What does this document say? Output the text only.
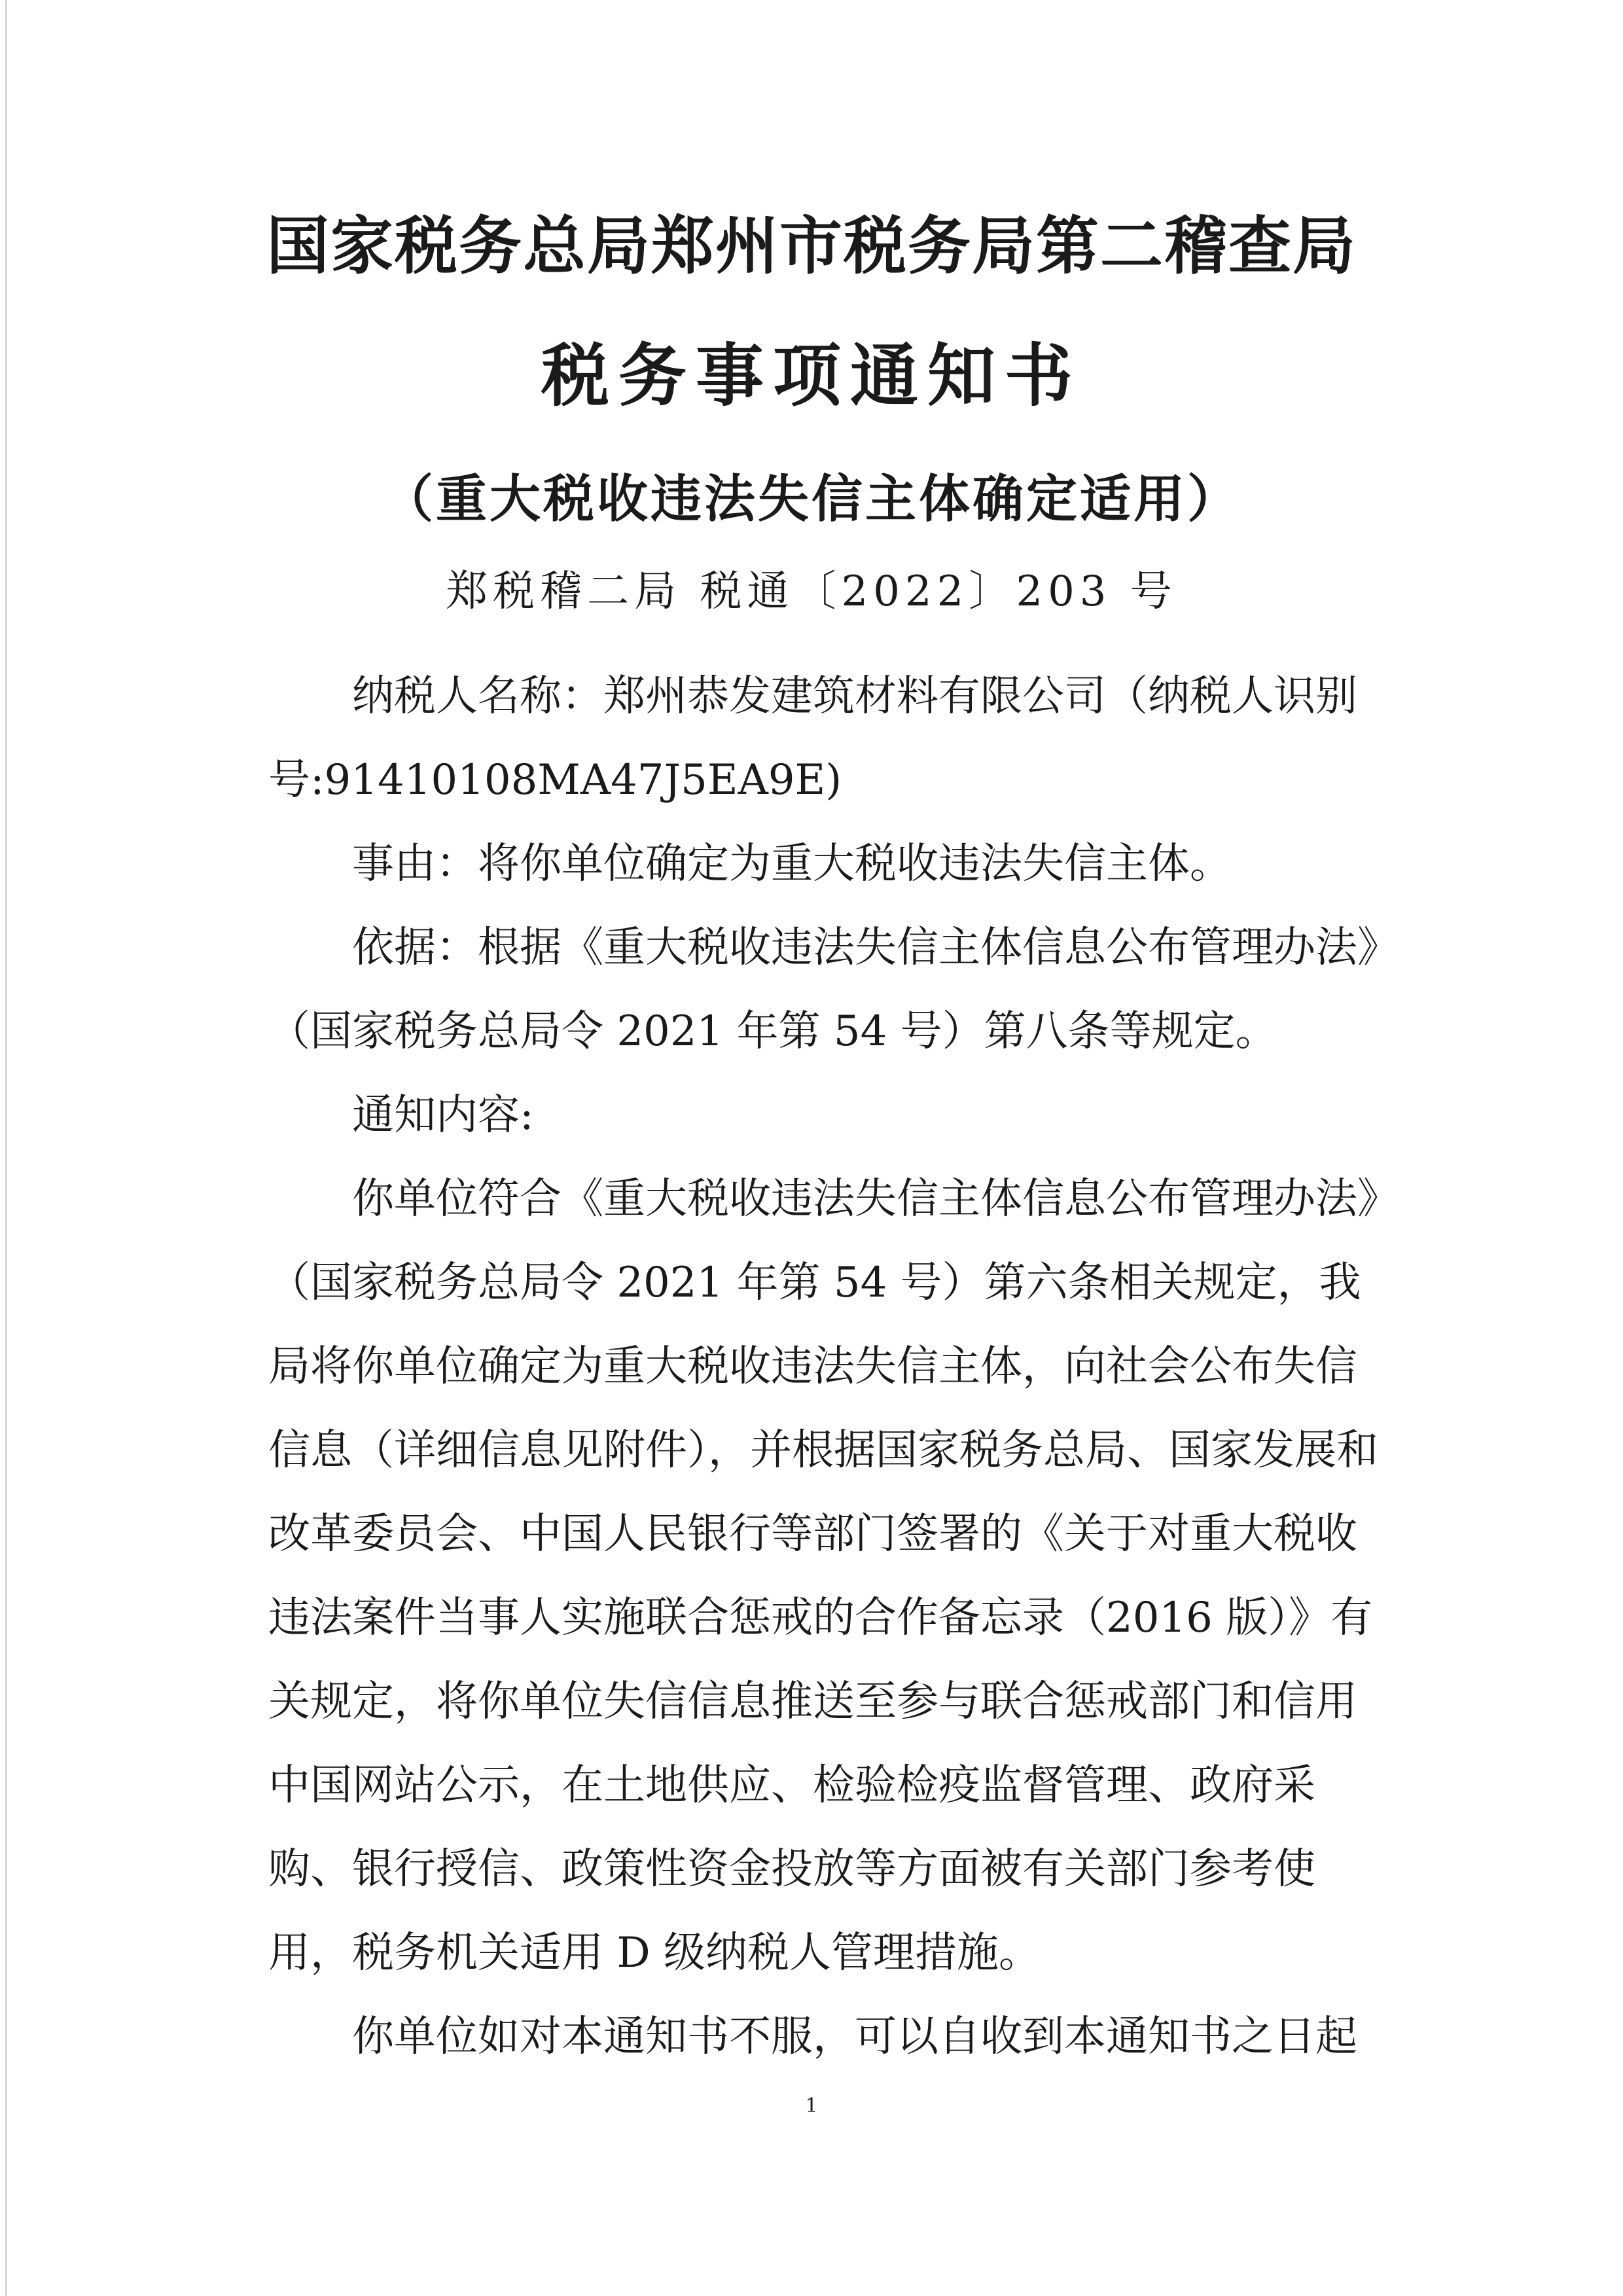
国家税务总局郑州市税务局第二稽查局
税务事项通知书
（重大税收违法失信主体确定适用）
郑税稽二局 税通〔2022〕203 号

纳税人名称：郑州恭发建筑材料有限公司（纳税人识别号:91410108MA47J5EA9E)

事由：将你单位确定为重大税收违法失信主体。

依据：根据《重大税收违法失信主体信息公布管理办法》（国家税务总局令 2021 年第 54 号）第八条等规定。

通知内容:

你单位符合《重大税收违法失信主体信息公布管理办法》（国家税务总局令 2021 年第 54 号）第六条相关规定，我局将你单位确定为重大税收违法失信主体，向社会公布失信信息（详细信息见附件），并根据国家税务总局、国家发展和改革委员会、中国人民银行等部门签署的《关于对重大税收违法案件当事人实施联合惩戒的合作备忘录（2016 版）》有关规定，将你单位失信信息推送至参与联合惩戒部门和信用中国网站公示，在土地供应、检验检疫监督管理、政府采购、银行授信、政策性资金投放等方面被有关部门参考使用，税务机关适用 D 级纳税人管理措施。

你单位如对本通知书不服，可以自收到本通知书之日起

1
